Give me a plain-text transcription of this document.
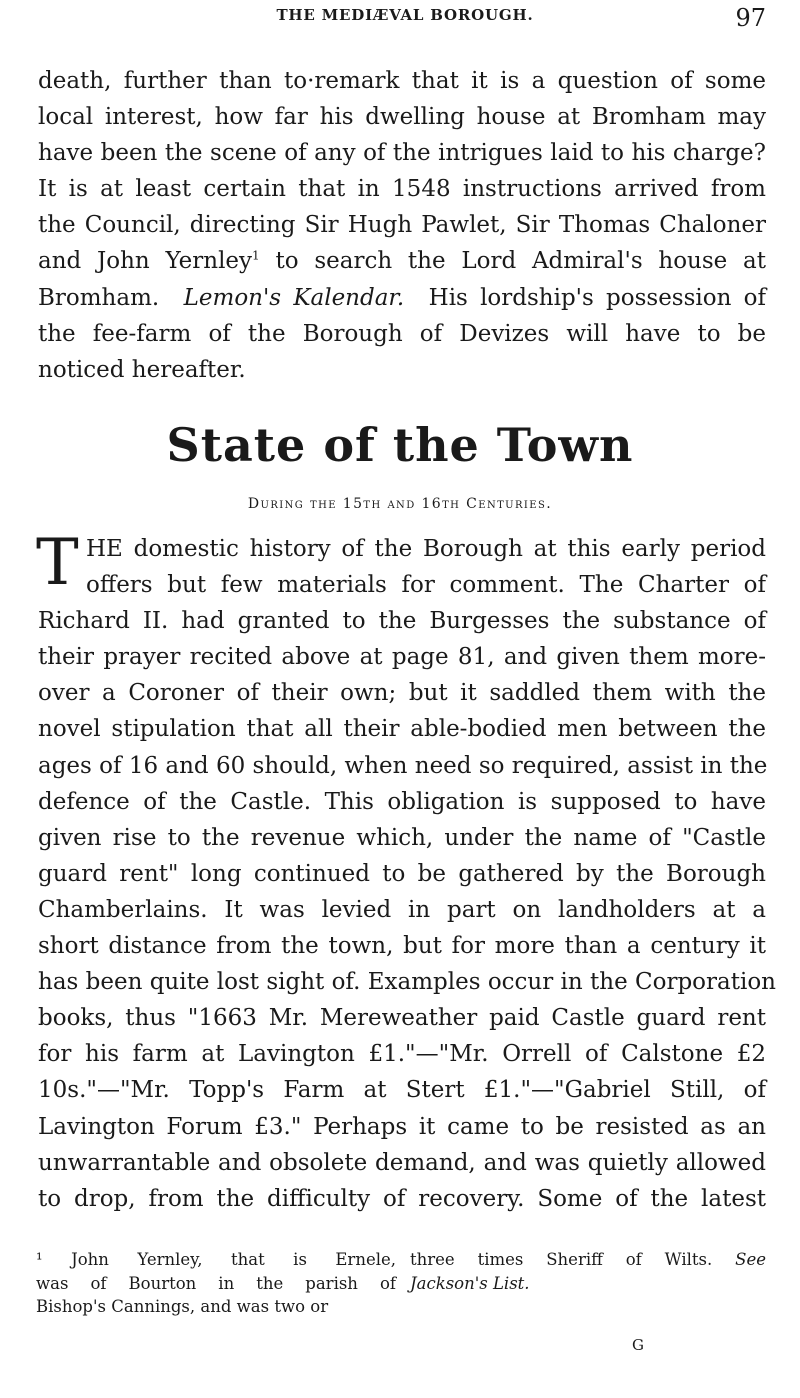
THE MEDIÆVAL BOROUGH.	97
death, further than to·remark that it is a question of some
local interest, how far his dwelling house at Bromham may
have been the scene of any of the intrigues laid to his charge?
It is at least certain that in 1548 instructions arrived from
the Council, directing Sir Hugh Pawlet, Sir Thomas Chaloner
and John Yernley$^1$ to search the Lord Admiral's house at
Bromham. Lemon's Kalendar. His lordship's possession of
the fee-farm of the Borough of Devizes will have to be
noticed hereafter.
State of the Town
During the 15th and 16th Centuries.
T HE domestic history of the Borough at this early period
offers but few materials for comment. The Charter of
Richard II. had granted to the Burgesses the substance of
their prayer recited above at page 81, and given them more-
over a Coroner of their own; but it saddled them with the
novel stipulation that all their able-bodied men between the
ages of 16 and 60 should, when need so required, assist in the
defence of the Castle. This obligation is supposed to have
given rise to the revenue which, under the name of "Castle
guard rent" long continued to be gathered by the Borough
Chamberlains. It was levied in part on landholders at a
short distance from the town, but for more than a century it
has been quite lost sight of. Examples occur in the Corporation
books, thus "1663 Mr. Mereweather paid Castle guard rent
for his farm at Lavington £1."—"Mr. Orrell of Calstone £2
10s."—"Mr. Topp's Farm at Stert £1."—"Gabriel Still, of
Lavington Forum £3." Perhaps it came to be resisted as an
unwarrantable and obsolete demand, and was quietly allowed
to drop, from the difficulty of recovery. Some of the latest
¹ John Yernley, that is Ernele,
was of Bourton in the parish of
Bishop's Cannings, and was two or
three times Sheriff of Wilts. See
Jackson's List.
G
